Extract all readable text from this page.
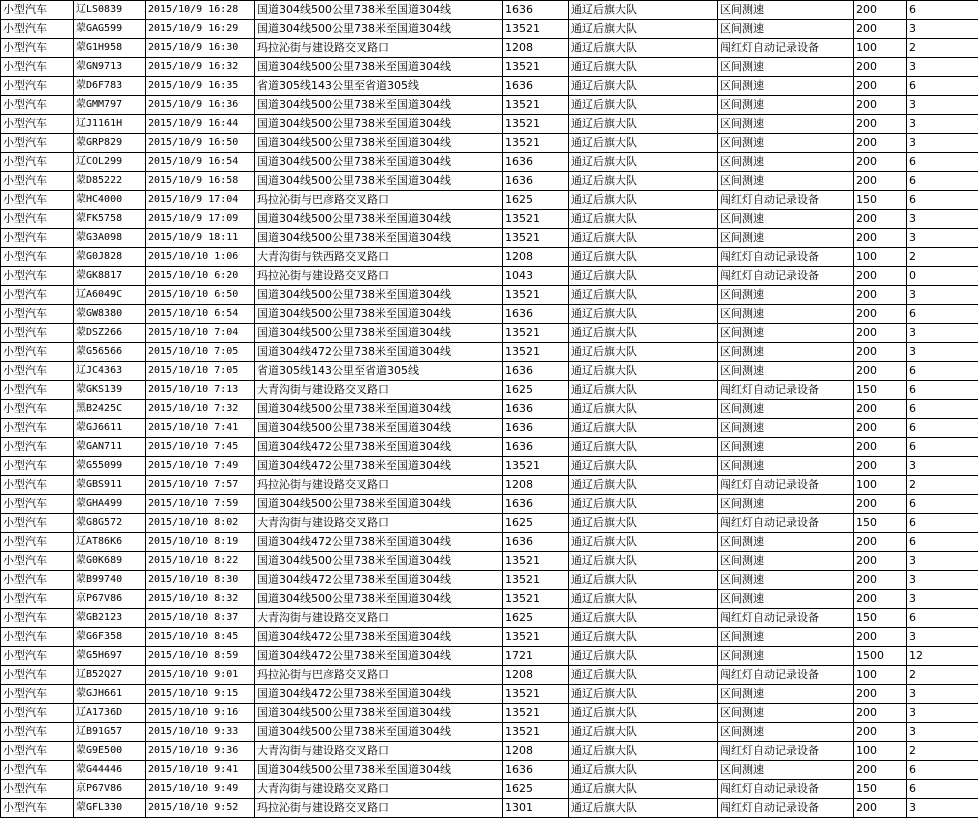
小型汽车	辽LS0839	2015/10/9 16:28	国道304线500公里738米至国道304线	1636	通辽后旗大队	区间测速	200	6
小型汽车	蒙GAG599	2015/10/9 16:29	国道304线500公里738米至国道304线	13521	通辽后旗大队	区间测速	200	3
小型汽车	蒙G1H958	2015/10/9 16:30	玛拉沁街与建设路交叉路口	1208	通辽后旗大队	闯红灯自动记录设备	100	2
小型汽车	蒙GN9713	2015/10/9 16:32	国道304线500公里738米至国道304线	13521	通辽后旗大队	区间测速	200	3
小型汽车	蒙D6F783	2015/10/9 16:35	省道305线143公里至省道305线	1636	通辽后旗大队	区间测速	200	6
小型汽车	蒙GMM797	2015/10/9 16:36	国道304线500公里738米至国道304线	13521	通辽后旗大队	区间测速	200	3
小型汽车	辽J1161H	2015/10/9 16:44	国道304线500公里738米至国道304线	13521	通辽后旗大队	区间测速	200	3
小型汽车	蒙GRP829	2015/10/9 16:50	国道304线500公里738米至国道304线	13521	通辽后旗大队	区间测速	200	3
小型汽车	辽COL299	2015/10/9 16:54	国道304线500公里738米至国道304线	1636	通辽后旗大队	区间测速	200	6
小型汽车	蒙D85222	2015/10/9 16:58	国道304线500公里738米至国道304线	1636	通辽后旗大队	区间测速	200	6
小型汽车	蒙HC4000	2015/10/9 17:04	玛拉沁街与巴彦路交叉路口	1625	通辽后旗大队	闯红灯自动记录设备	150	6
小型汽车	蒙FK5758	2015/10/9 17:09	国道304线500公里738米至国道304线	13521	通辽后旗大队	区间测速	200	3
小型汽车	蒙G3A098	2015/10/9 18:11	国道304线500公里738米至国道304线	13521	通辽后旗大队	区间测速	200	3
小型汽车	蒙G0J828	2015/10/10 1:06	大青沟街与铁西路交叉路口	1208	通辽后旗大队	闯红灯自动记录设备	100	2
小型汽车	蒙GK8817	2015/10/10 6:20	玛拉沁街与建设路交叉路口	1043	通辽后旗大队	闯红灯自动记录设备	200	0
小型汽车	辽A6049C	2015/10/10 6:50	国道304线500公里738米至国道304线	13521	通辽后旗大队	区间测速	200	3
小型汽车	蒙GW8380	2015/10/10 6:54	国道304线500公里738米至国道304线	1636	通辽后旗大队	区间测速	200	6
小型汽车	蒙DSZ266	2015/10/10 7:04	国道304线500公里738米至国道304线	13521	通辽后旗大队	区间测速	200	3
小型汽车	蒙G56566	2015/10/10 7:05	国道304线472公里738米至国道304线	13521	通辽后旗大队	区间测速	200	3
小型汽车	辽JC4363	2015/10/10 7:05	省道305线143公里至省道305线	1636	通辽后旗大队	区间测速	200	6
小型汽车	蒙GKS139	2015/10/10 7:13	大青沟街与建设路交叉路口	1625	通辽后旗大队	闯红灯自动记录设备	150	6
小型汽车	黑B2425C	2015/10/10 7:32	国道304线500公里738米至国道304线	1636	通辽后旗大队	区间测速	200	6
小型汽车	蒙GJ6611	2015/10/10 7:41	国道304线500公里738米至国道304线	1636	通辽后旗大队	区间测速	200	6
小型汽车	蒙GAN711	2015/10/10 7:45	国道304线472公里738米至国道304线	1636	通辽后旗大队	区间测速	200	6
小型汽车	蒙G55099	2015/10/10 7:49	国道304线472公里738米至国道304线	13521	通辽后旗大队	区间测速	200	3
小型汽车	蒙GBS911	2015/10/10 7:57	玛拉沁街与建设路交叉路口	1208	通辽后旗大队	闯红灯自动记录设备	100	2
小型汽车	蒙GHA499	2015/10/10 7:59	国道304线500公里738米至国道304线	1636	通辽后旗大队	区间测速	200	6
小型汽车	蒙G8G572	2015/10/10 8:02	大青沟街与建设路交叉路口	1625	通辽后旗大队	闯红灯自动记录设备	150	6
小型汽车	辽AT86K6	2015/10/10 8:19	国道304线472公里738米至国道304线	1636	通辽后旗大队	区间测速	200	6
小型汽车	蒙G0K689	2015/10/10 8:22	国道304线500公里738米至国道304线	13521	通辽后旗大队	区间测速	200	3
小型汽车	蒙B99740	2015/10/10 8:30	国道304线472公里738米至国道304线	13521	通辽后旗大队	区间测速	200	3
小型汽车	京P67V86	2015/10/10 8:32	国道304线500公里738米至国道304线	13521	通辽后旗大队	区间测速	200	3
小型汽车	蒙GB2123	2015/10/10 8:37	大青沟街与建设路交叉路口	1625	通辽后旗大队	闯红灯自动记录设备	150	6
小型汽车	蒙G6F358	2015/10/10 8:45	国道304线472公里738米至国道304线	13521	通辽后旗大队	区间测速	200	3
小型汽车	蒙G5H697	2015/10/10 8:59	国道304线472公里738米至国道304线	1721	通辽后旗大队	区间测速	1500	12
小型汽车	辽B52Q27	2015/10/10 9:01	玛拉沁街与巴彦路交叉路口	1208	通辽后旗大队	闯红灯自动记录设备	100	2
小型汽车	蒙GJH661	2015/10/10 9:15	国道304线472公里738米至国道304线	13521	通辽后旗大队	区间测速	200	3
小型汽车	辽A1736D	2015/10/10 9:16	国道304线500公里738米至国道304线	13521	通辽后旗大队	区间测速	200	3
小型汽车	辽B91G57	2015/10/10 9:33	国道304线500公里738米至国道304线	13521	通辽后旗大队	区间测速	200	3
小型汽车	蒙G9E500	2015/10/10 9:36	大青沟街与建设路交叉路口	1208	通辽后旗大队	闯红灯自动记录设备	100	2
小型汽车	蒙G44446	2015/10/10 9:41	国道304线500公里738米至国道304线	1636	通辽后旗大队	区间测速	200	6
小型汽车	京P67V86	2015/10/10 9:49	大青沟街与建设路交叉路口	1625	通辽后旗大队	闯红灯自动记录设备	150	6
小型汽车	蒙GFL330	2015/10/10 9:52	玛拉沁街与建设路交叉路口	1301	通辽后旗大队	闯红灯自动记录设备	200	3
